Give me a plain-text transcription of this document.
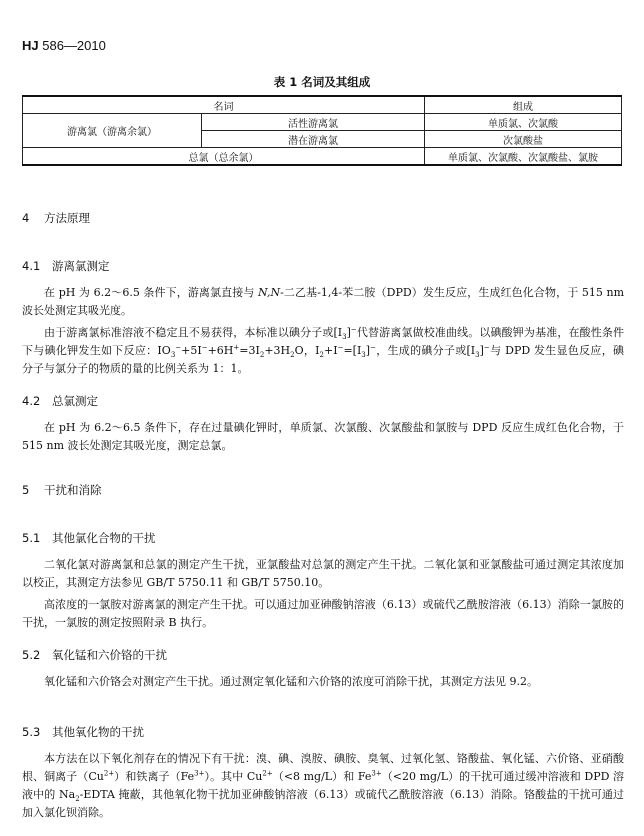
HJ 586—2010
表 1 名词及其组成
名词		组成
游离氯（游离余氯）	活性游离氯	单质氯、次氯酸
	潜在游离氯	次氯酸盐
总氯（总余氯）		单质氯、次氯酸、次氯酸盐、氯胺
4 方法原理
4.1 游离氯测定
在 pH 为 6.2～6.5 条件下，游离氯直接与 N,N-二乙基-1,4-苯二胺（DPD）发生反应，生成红色化合物，于 515 nm 波长处测定其吸光度。
由于游离氯标准溶液不稳定且不易获得，本标准以碘分子或$[I_3]^-$代替游离氯做校准曲线。以碘酸钾为基准，在酸性条件下与碘化钾发生如下反应：$IO_3^-+5I^-+6H^+=3I_2+3H_2O$，$I_2+I^-=[I_3]^-$，生成的碘分子或$[I_3]^-$与 DPD 发生显色反应，碘分子与氯分子的物质的量的比例关系为 1：1。
4.2 总氯测定
在 pH 为 6.2～6.5 条件下，存在过量碘化钾时，单质氯、次氯酸、次氯酸盐和氯胺与 DPD 反应生成红色化合物，于 515 nm 波长处测定其吸光度，测定总氯。
5 干扰和消除
5.1 其他氯化合物的干扰
二氧化氯对游离氯和总氯的测定产生干扰，亚氯酸盐对总氯的测定产生干扰。二氧化氯和亚氯酸盐可通过测定其浓度加以校正，其测定方法参见 GB/T 5750.11 和 GB/T 5750.10。
高浓度的一氯胺对游离氯的测定产生干扰。可以通过加亚砷酸钠溶液（6.13）或硫代乙酰胺溶液（6.13）消除一氯胺的干扰，一氯胺的测定按照附录 B 执行。
5.2 氧化锰和六价铬的干扰
氧化锰和六价铬会对测定产生干扰。通过测定氧化锰和六价铬的浓度可消除干扰，其测定方法见 9.2。
5.3 其他氧化物的干扰
本方法在以下氧化剂存在的情况下有干扰：溴、碘、溴胺、碘胺、臭氧、过氧化氢、铬酸盐、氧化锰、六价铬、亚硝酸根、铜离子$(Cu^{2+})$和铁离子$(Fe^{3+})$。其中 $Cu^{2+}(<8$ mg/L）和 $Fe^{3+}(<20$ mg/L）的干扰可通过缓冲溶液和 DPD 溶液中的 $Na_2$-EDTA 掩蔽，其他氧化物干扰加亚砷酸钠溶液（6.13）或硫代乙酰胺溶液（6.13）消除。铬酸盐的干扰可通过加入氯化钡消除。
